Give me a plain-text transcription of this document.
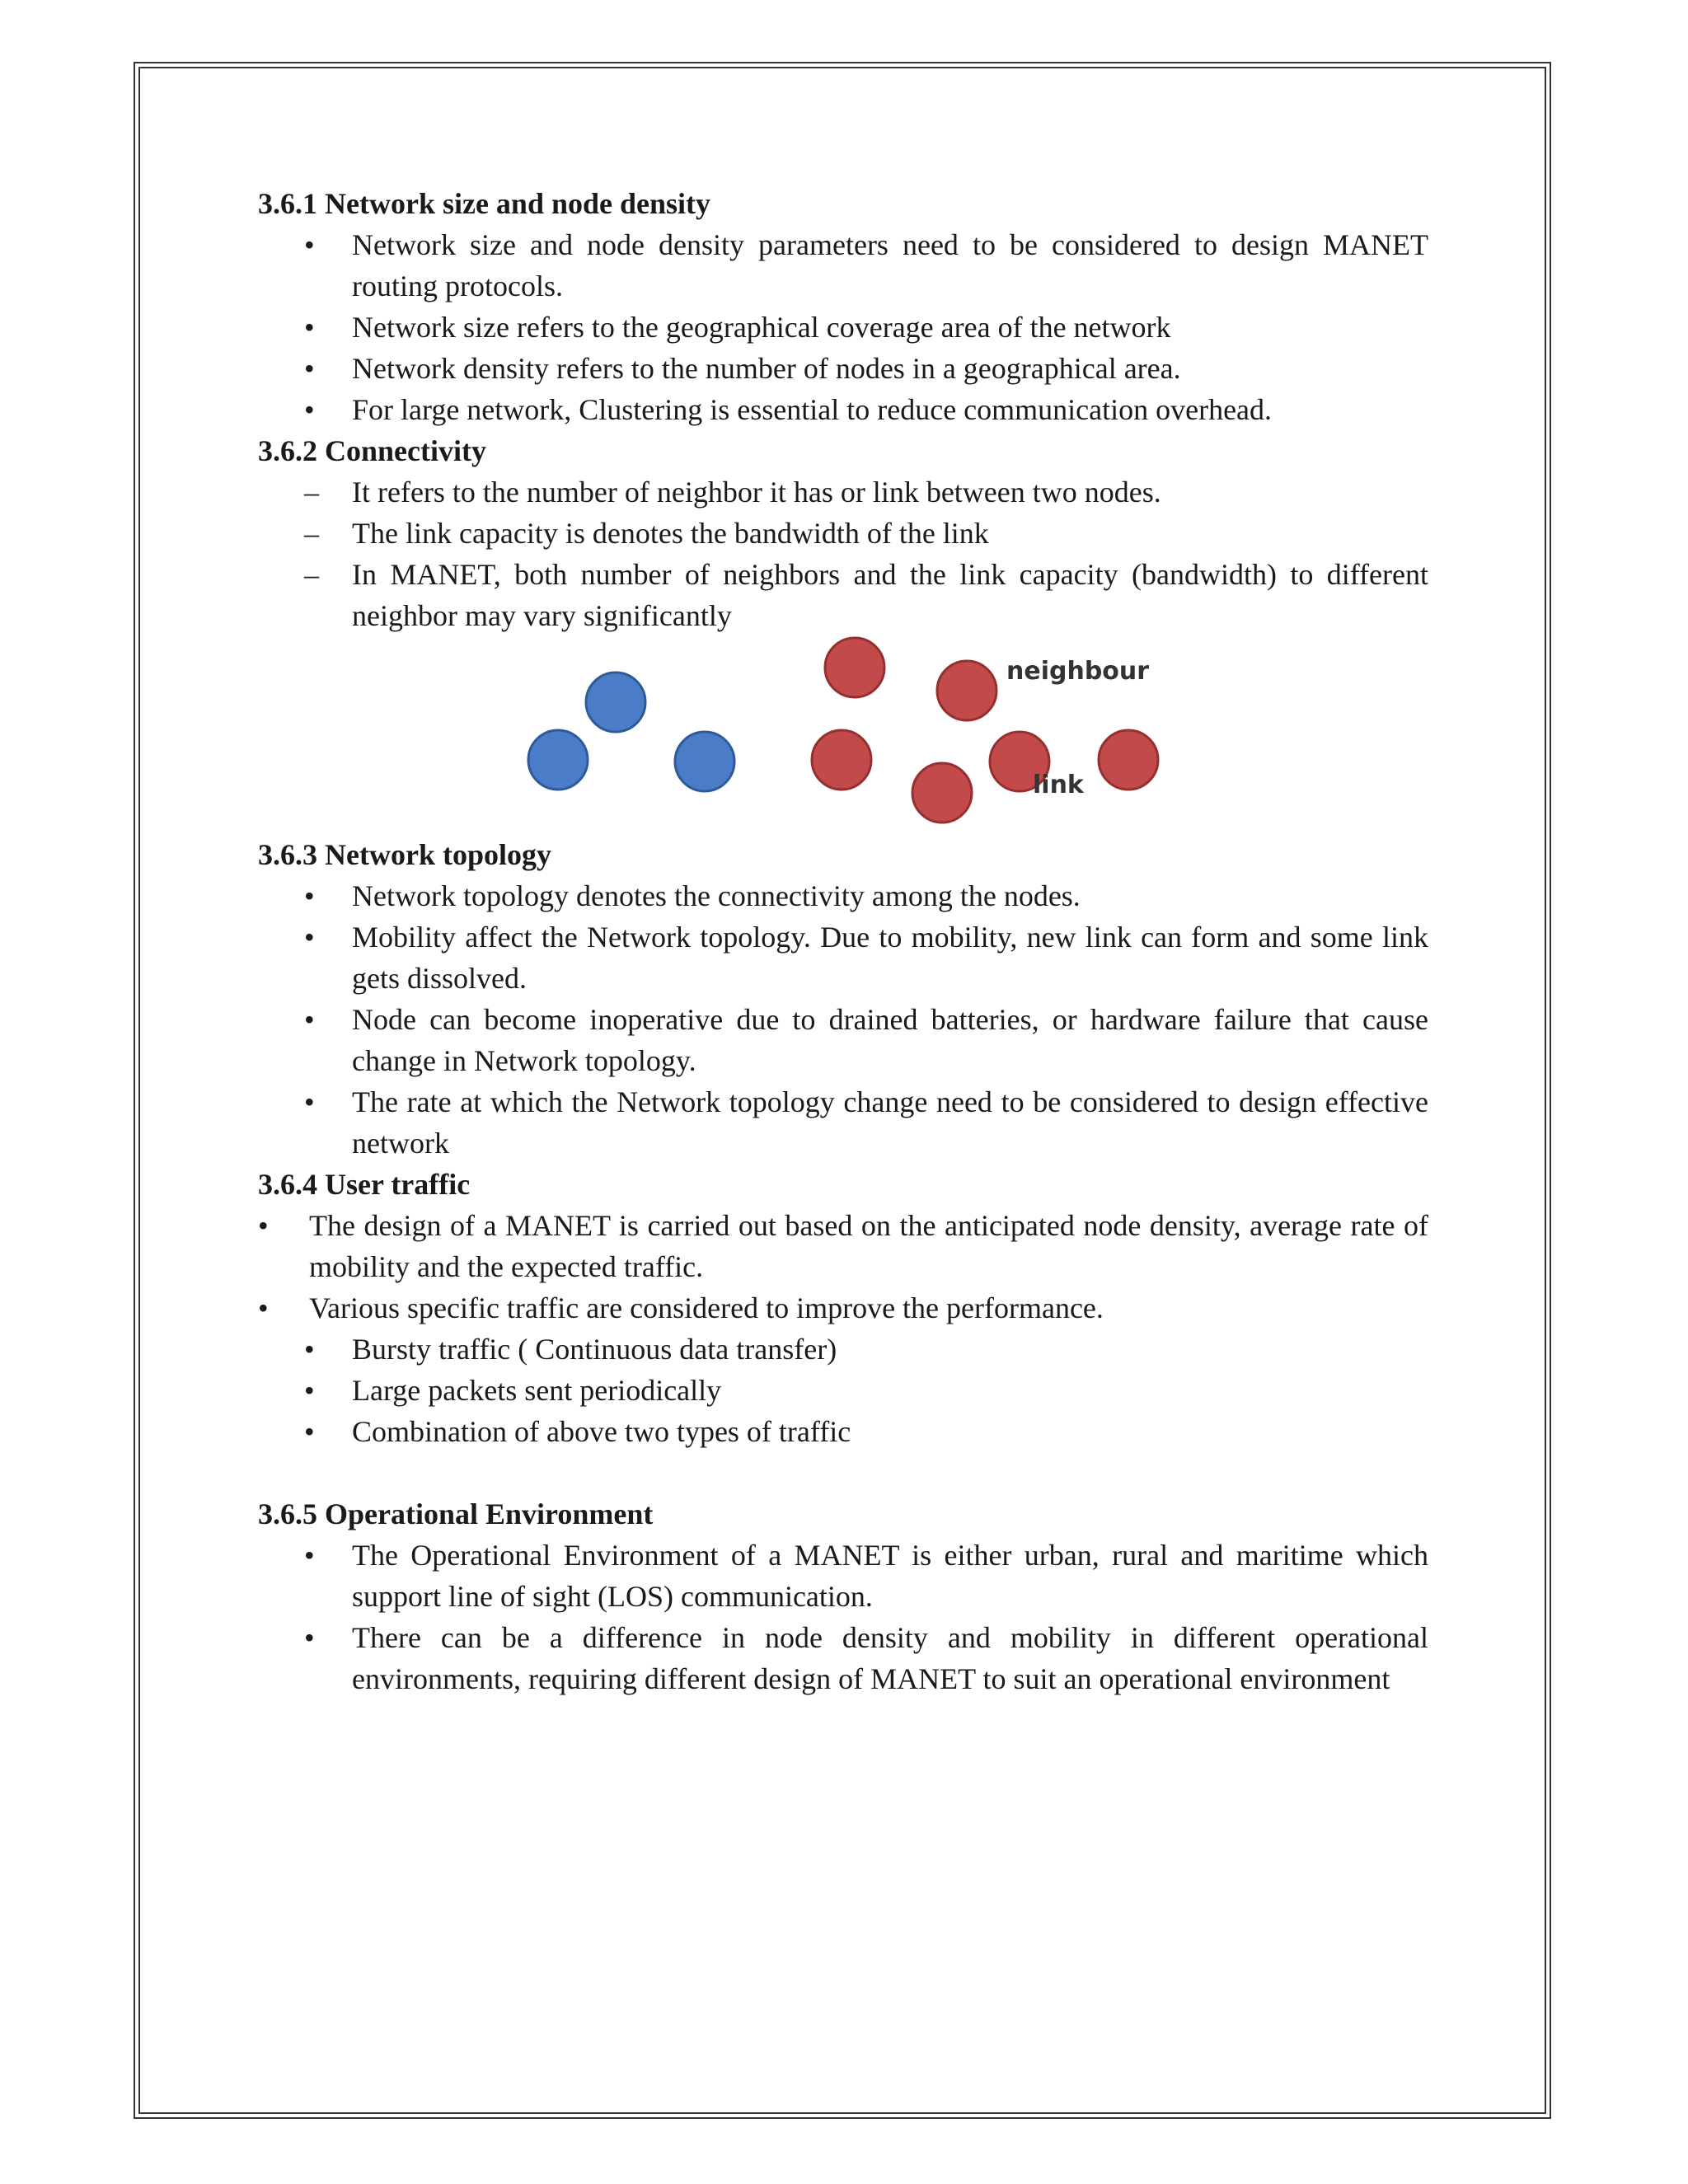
3.6.1 Network size and node density

• Network size and node density parameters need to be considered to design MANET routing protocols.

• Network size refers to the geographical coverage area of the network

• Network density refers to the number of nodes in a geographical area.

• For large network, Clustering is essential to reduce communication overhead.

3.6.2 Connectivity

– It refers to the number of neighbor it has or link between two nodes.

– The link capacity is denotes the bandwidth of the link

– In MANET, both number of neighbors and the link capacity (bandwidth) to different neighbor may vary significantly

neighbour
link

3.6.3 Network topology

• Network topology denotes the connectivity among the nodes.

• Mobility affect the Network topology. Due to mobility, new link can form and some link gets dissolved.

• Node can become inoperative due to drained batteries, or hardware failure that cause change in Network topology.

• The rate at which the Network topology change need to be considered to design effective network

3.6.4 User traffic

• The design of a MANET is carried out based on the anticipated node density, average rate of mobility and the expected traffic.

• Various specific traffic are considered to improve the performance.

• Bursty traffic ( Continuous data transfer)

• Large packets sent periodically

• Combination of above two types of traffic

3.6.5 Operational Environment

• The Operational Environment of a MANET is either urban, rural and maritime which support line of sight (LOS) communication.

• There can be a difference in node density and mobility in different operational environments, requiring different design of MANET to suit an operational environment
